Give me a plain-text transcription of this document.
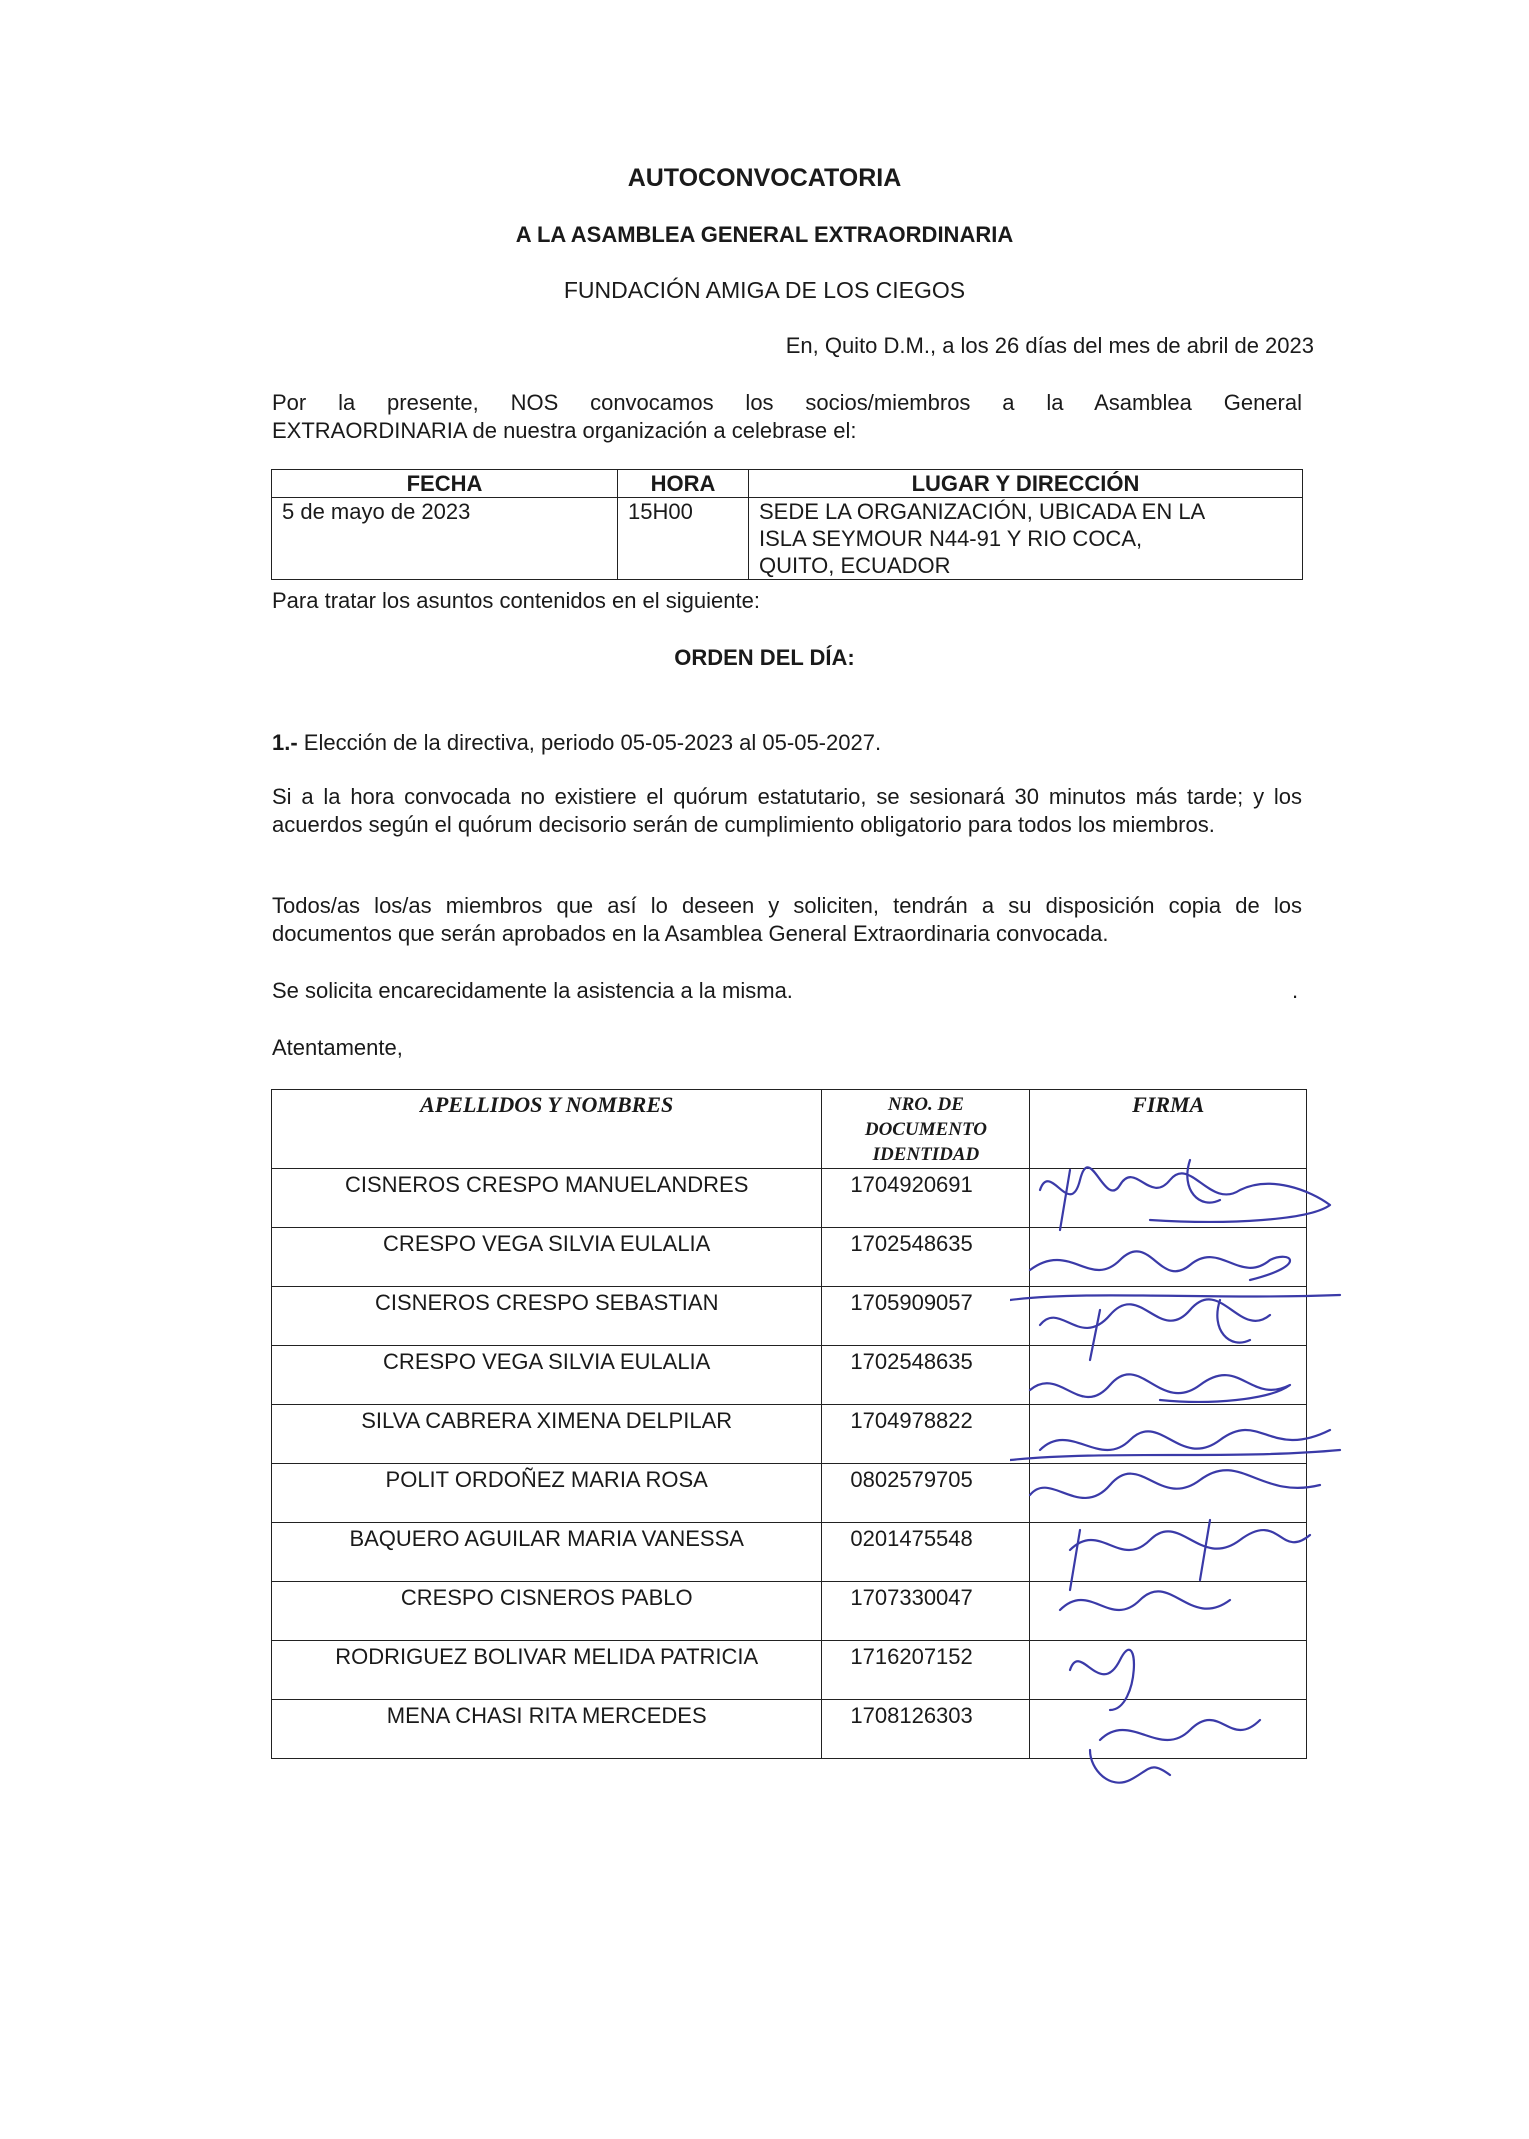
AUTOCONVOCATORIA
A LA ASAMBLEA GENERAL EXTRAORDINARIA
FUNDACIÓN AMIGA DE LOS CIEGOS
En, Quito D.M., a los 26 días del mes de abril de 2023
Por la presente, NOS convocamos los socios/miembros a la Asamblea General
EXTRAORDINARIA de nuestra organización a celebrase el:
FECHA	HORA	LUGAR Y DIRECCIÓN
5 de mayo de 2023	15H00	SEDE LA ORGANIZACIÓN, UBICADA EN LA
ISLA SEYMOUR N44-91 Y RIO COCA,
QUITO, ECUADOR
Para tratar los asuntos contenidos en el siguiente:
ORDEN DEL DÍA:
1.- Elección de la directiva, periodo 05-05-2023 al 05-05-2027.
Si a la hora convocada no existiere el quórum estatutario, se sesionará 30 minutos más tarde; y los acuerdos según el quórum decisorio serán de cumplimiento obligatorio para todos los miembros.
Todos/as los/as miembros que así lo deseen y soliciten, tendrán a su disposición copia de los documentos que serán aprobados en la Asamblea General Extraordinaria convocada.
Se solicita encarecidamente la asistencia a la misma.	.
Atentamente,
APELLIDOS Y NOMBRES	NRO. DE
DOCUMENTO
IDENTIDAD	FIRMA
CISNEROS CRESPO MANUELANDRES	1704920691	
CRESPO VEGA SILVIA EULALIA	1702548635	
CISNEROS CRESPO SEBASTIAN	1705909057	
CRESPO VEGA SILVIA EULALIA	1702548635	
SILVA CABRERA XIMENA DELPILAR	1704978822	
POLIT ORDOÑEZ MARIA ROSA	0802579705	
BAQUERO AGUILAR MARIA VANESSA	0201475548	
CRESPO CISNEROS PABLO	1707330047	
RODRIGUEZ BOLIVAR MELIDA PATRICIA	1716207152	
MENA CHASI RITA MERCEDES	1708126303	
